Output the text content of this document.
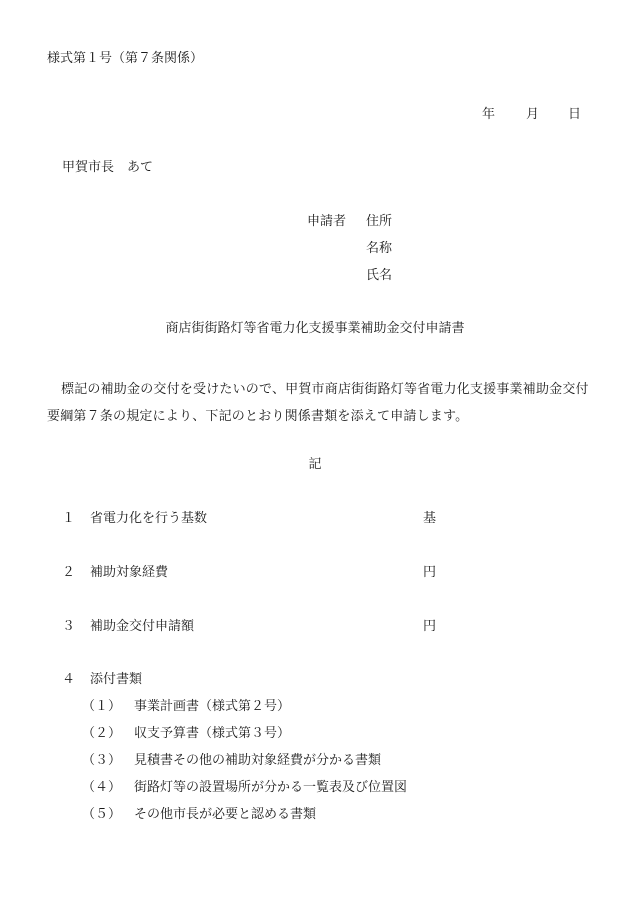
様式第１号（第７条関係）
年 月 日
甲賀市長　あて
申請者 住所
名称
氏名
商店街街路灯等省電力化支援事業補助金交付申請書
標記の補助金の交付を受けたいので、甲賀市商店街街路灯等省電力化支援事業補助金交付要綱第７条の規定により、下記のとおり関係書類を添えて申請します。
記
１ 省電力化を行う基数	基
２ 補助対象経費	円
３ 補助金交付申請額	円
４ 添付書類
（１） 事業計画書（様式第２号）
（２） 収支予算書（様式第３号）
（３） 見積書その他の補助対象経費が分かる書類
（４） 街路灯等の設置場所が分かる一覧表及び位置図
（５） その他市長が必要と認める書類
